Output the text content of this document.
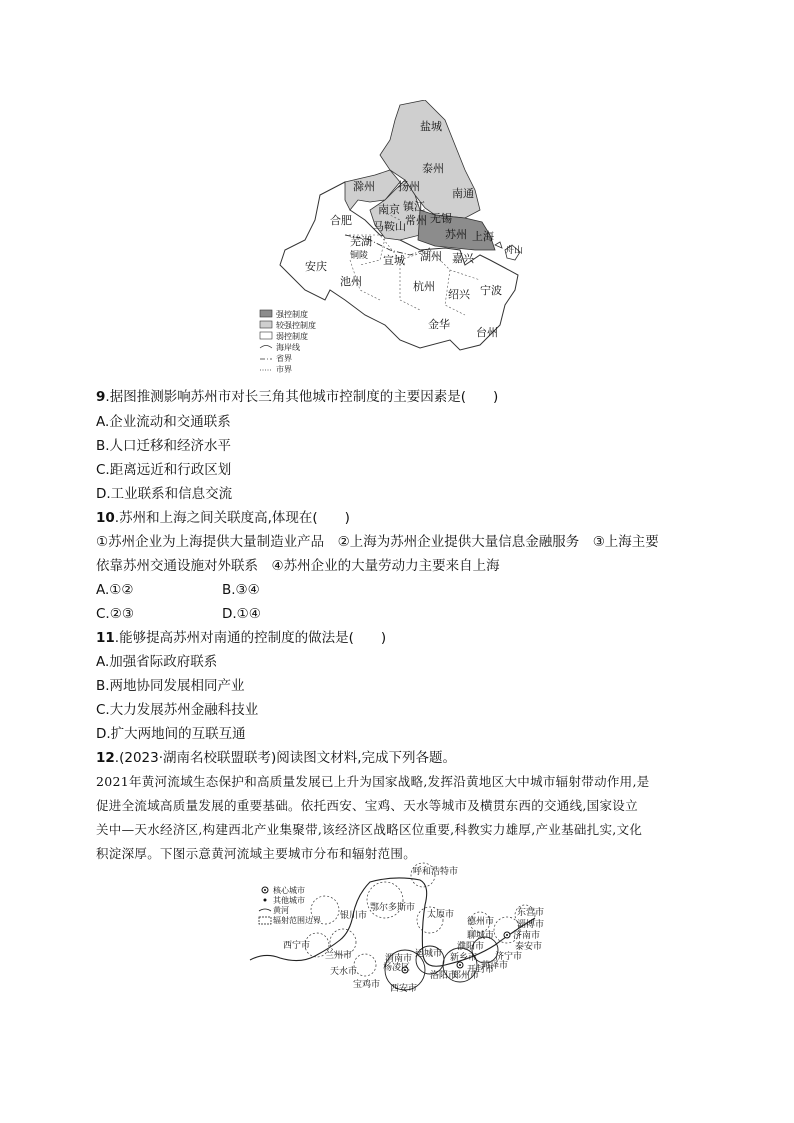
盐城
泰州
扬州
滁州
南通
南京 镇江
常州 无锡
合肥 马鞍山
苏州 上海
芜湖
安庆
铜陵 宣城 湖州 嘉兴
池州	杭州
绍兴 宁波
舟山
金华
台州
强控制度
较强控制度
弱控制度
海岸线
省界
市界
9.据图推测影响苏州市对长三角其他城市控制度的主要因素是(　　)
A.企业流动和交通联系
B.人口迁移和经济水平
C.距离远近和行政区划
D.工业联系和信息交流
10.苏州和上海之间关联度高,体现在(　　)
①苏州企业为上海提供大量制造业产品　②上海为苏州企业提供大量信息金融服务　③上海主要
依靠苏州交通设施对外联系　④苏州企业的大量劳动力主要来自上海
A.①②	B.③④
C.②③	D.①④
11.能够提高苏州对南通的控制度的做法是(　　)
A.加强省际政府联系
B.两地协同发展相同产业
C.大力发展苏州金融科技业
D.扩大两地间的互联互通
12.(2023·湖南名校联盟联考)阅读图文材料,完成下列各题。
2021年黄河流域生态保护和高质量发展已上升为国家战略,发挥沿黄地区大中城市辐射带动作用,是
促进全流域高质量发展的重要基础。依托西安、宝鸡、天水等城市及横贯东西的交通线,国家设立
关中—天水经济区,构建西北产业集聚带,该经济区战略区位重要,科教实力雄厚,产业基础扎实,文化
积淀深厚。下图示意黄河流域主要城市分布和辐射范围。
呼和浩特市
银川市
鄂尔多斯市
太原市
德州市
东营市
淄博市
济南市
泰安市
济宁市
聊城市
濮阳市
新乡市
西宁市
兰州市
天水市
宝鸡市
杨凌区
西安市
渭南市 运城市
洛阳市
郑州市
开封市
菏泽市
核心城市
其他城市
黄河
辐射范围边界
